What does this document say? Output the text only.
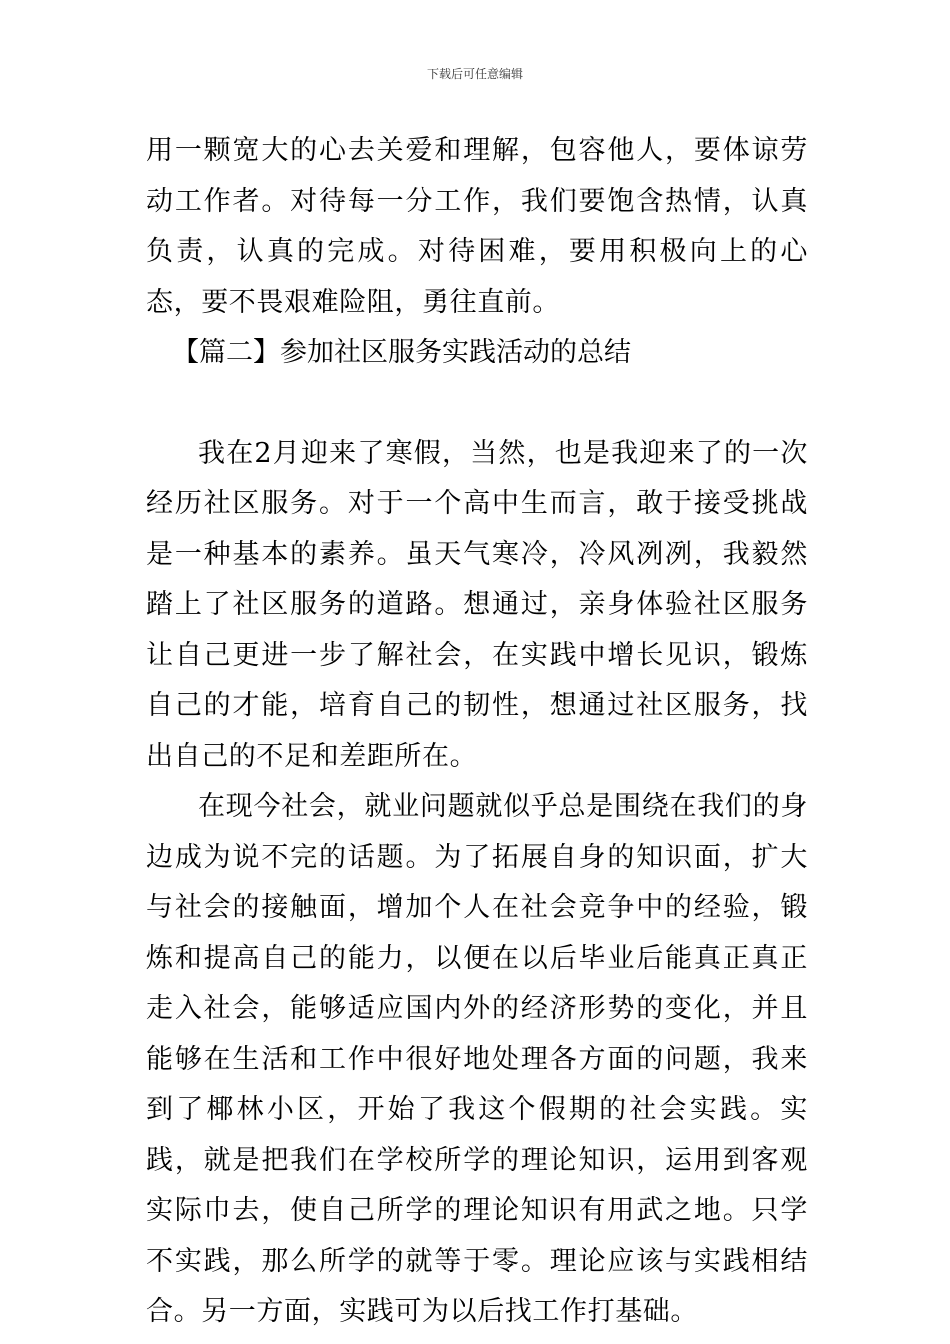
下载后可任意编辑

用一颗宽大的心去关爱和理解，包容他人，要体谅劳动工作者。对待每一分工作，我们要饱含热情，认真负责，认真的完成。对待困难，要用积极向上的心态，要不畏艰难险阻，勇往直前。

【篇二】参加社区服务实践活动的总结

我在2月迎来了寒假，当然，也是我迎来了的一次经历社区服务。对于一个高中生而言，敢于接受挑战是一种基本的素养。虽天气寒冷，冷风冽冽，我毅然踏上了社区服务的道路。想通过，亲身体验社区服务让自己更进一步了解社会，在实践中增长见识，锻炼自己的才能，培育自己的韧性，想通过社区服务，找出自己的不足和差距所在。

在现今社会，就业问题就似乎总是围绕在我们的身边成为说不完的话题。为了拓展自身的知识面，扩大与社会的接触面，增加个人在社会竞争中的经验，锻炼和提高自己的能力，以便在以后毕业后能真正真正走入社会，能够适应国内外的经济形势的变化，并且能够在生活和工作中很好地处理各方面的问题，我来到了椰林小区，开始了我这个假期的社会实践。实践，就是把我们在学校所学的理论知识，运用到客观实际巾去，使自己所学的理论知识有用武之地。只学不实践，那么所学的就等于零。理论应该与实践相结合。另一方面，实践可为以后找工作打基础。
